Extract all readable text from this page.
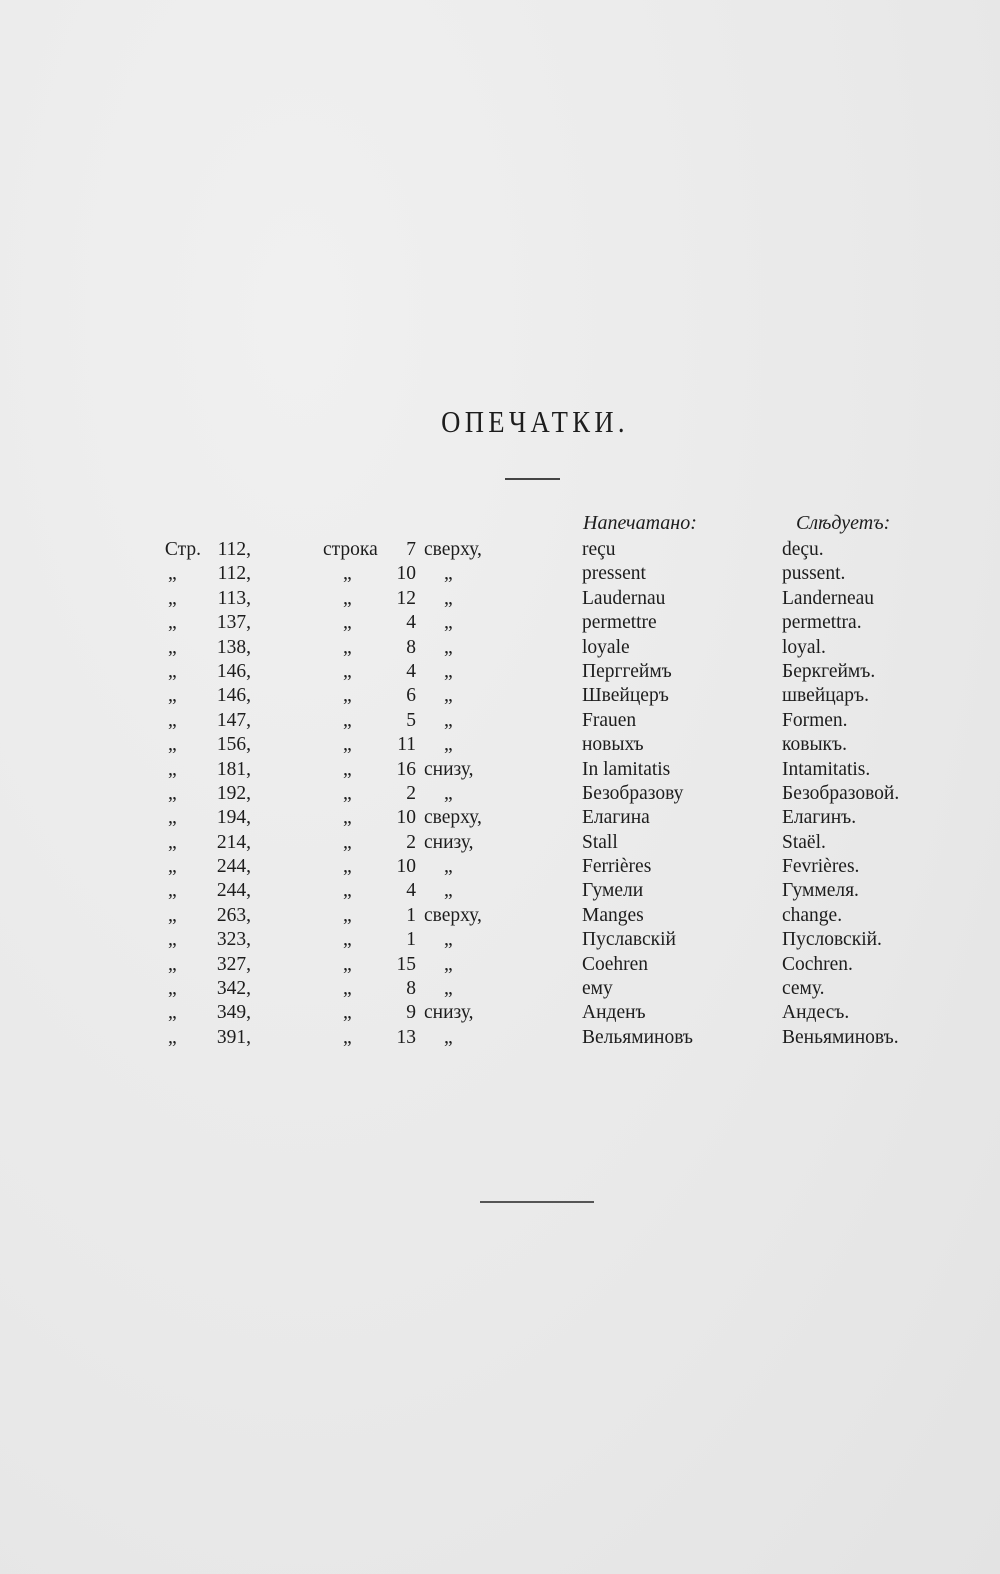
ОПЕЧАТКИ.
Напечатано:	Слѣдуетъ:
Стр. 112,	строка	7 сверху,	reçu	deçu.
„	112,	„	10 „	pressent	pussent.
„	113,	„	12 „	Laudernau	Landerneau
„	137,	„	4 „	permettre	permettra.
„	138,	„	8 „	loyale	loyal.
„	146,	„	4 „	Перггеймъ	Беркгеймъ.
„	146,	„	6 „	Швейцеръ	швейцаръ.
„	147,	„	5 „	Frauen	Formen.
„	156,	„	11 „	новыхъ	ковыкъ.
„	181,	„	16 снизу,	In lamitatis	Intamitatis.
„	192,	„	2 „	Безобразову	Безобразовой.
„	194,	„	10 сверху,	Елагина	Елагинъ.
„	214,	„	2 снизу,	Stall	Staël.
„	244,	„	10 „	Ferrières	Fevrières.
„	244,	„	4 „	Гумели	Гуммеля.
„	263,	„	1 сверху,	Manges	change.
„	323,	„	1 „	Пуславскій	Пусловскій.
„	327,	„	15 „	Coehren	Cochren.
„	342,	„	8 „	ему	сему.
„	349,	„	9 снизу,	Анденъ	Андесъ.
„	391,	„	13 „	Вельяминовъ	Веньяминовъ.
